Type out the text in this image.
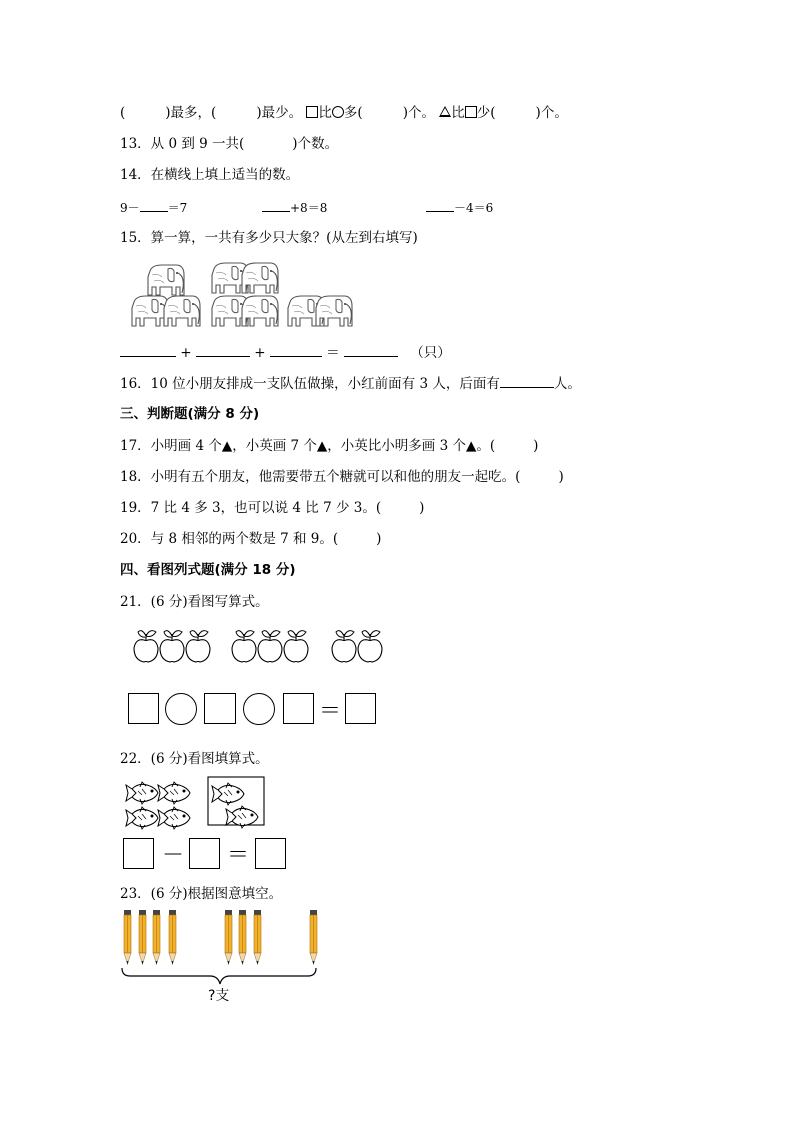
(	)最多，(	)最少。 比 多(	)个。 比 少(	)个。
13．从 0 到 9 一共(	)个数。
14．在横线上填上适当的数。
9－ ＝7	+8＝8	－4＝6
15．算一算，一共有多少只大象？(从左到右填写)
+	+	＝	（只）
16．10 位小朋友排成一支队伍做操，小红前面有 3 人，后面有	人。
三、判断题(满分 8 分)
17．小明画 4 个▲，小英画 7 个▲，小英比小明多画 3 个▲。(	)
18．小明有五个朋友，他需要带五个糖就可以和他的朋友一起吃。(	)
19．7 比 4 多 3，也可以说 4 比 7 少 3。(	)
20．与 8 相邻的两个数是 7 和 9。(	)
四、看图列式题(满分 18 分)
21．(6 分)看图写算式。
＝
22．(6 分)看图填算式。
－ ＝
23．(6 分)根据图意填空。
?支
